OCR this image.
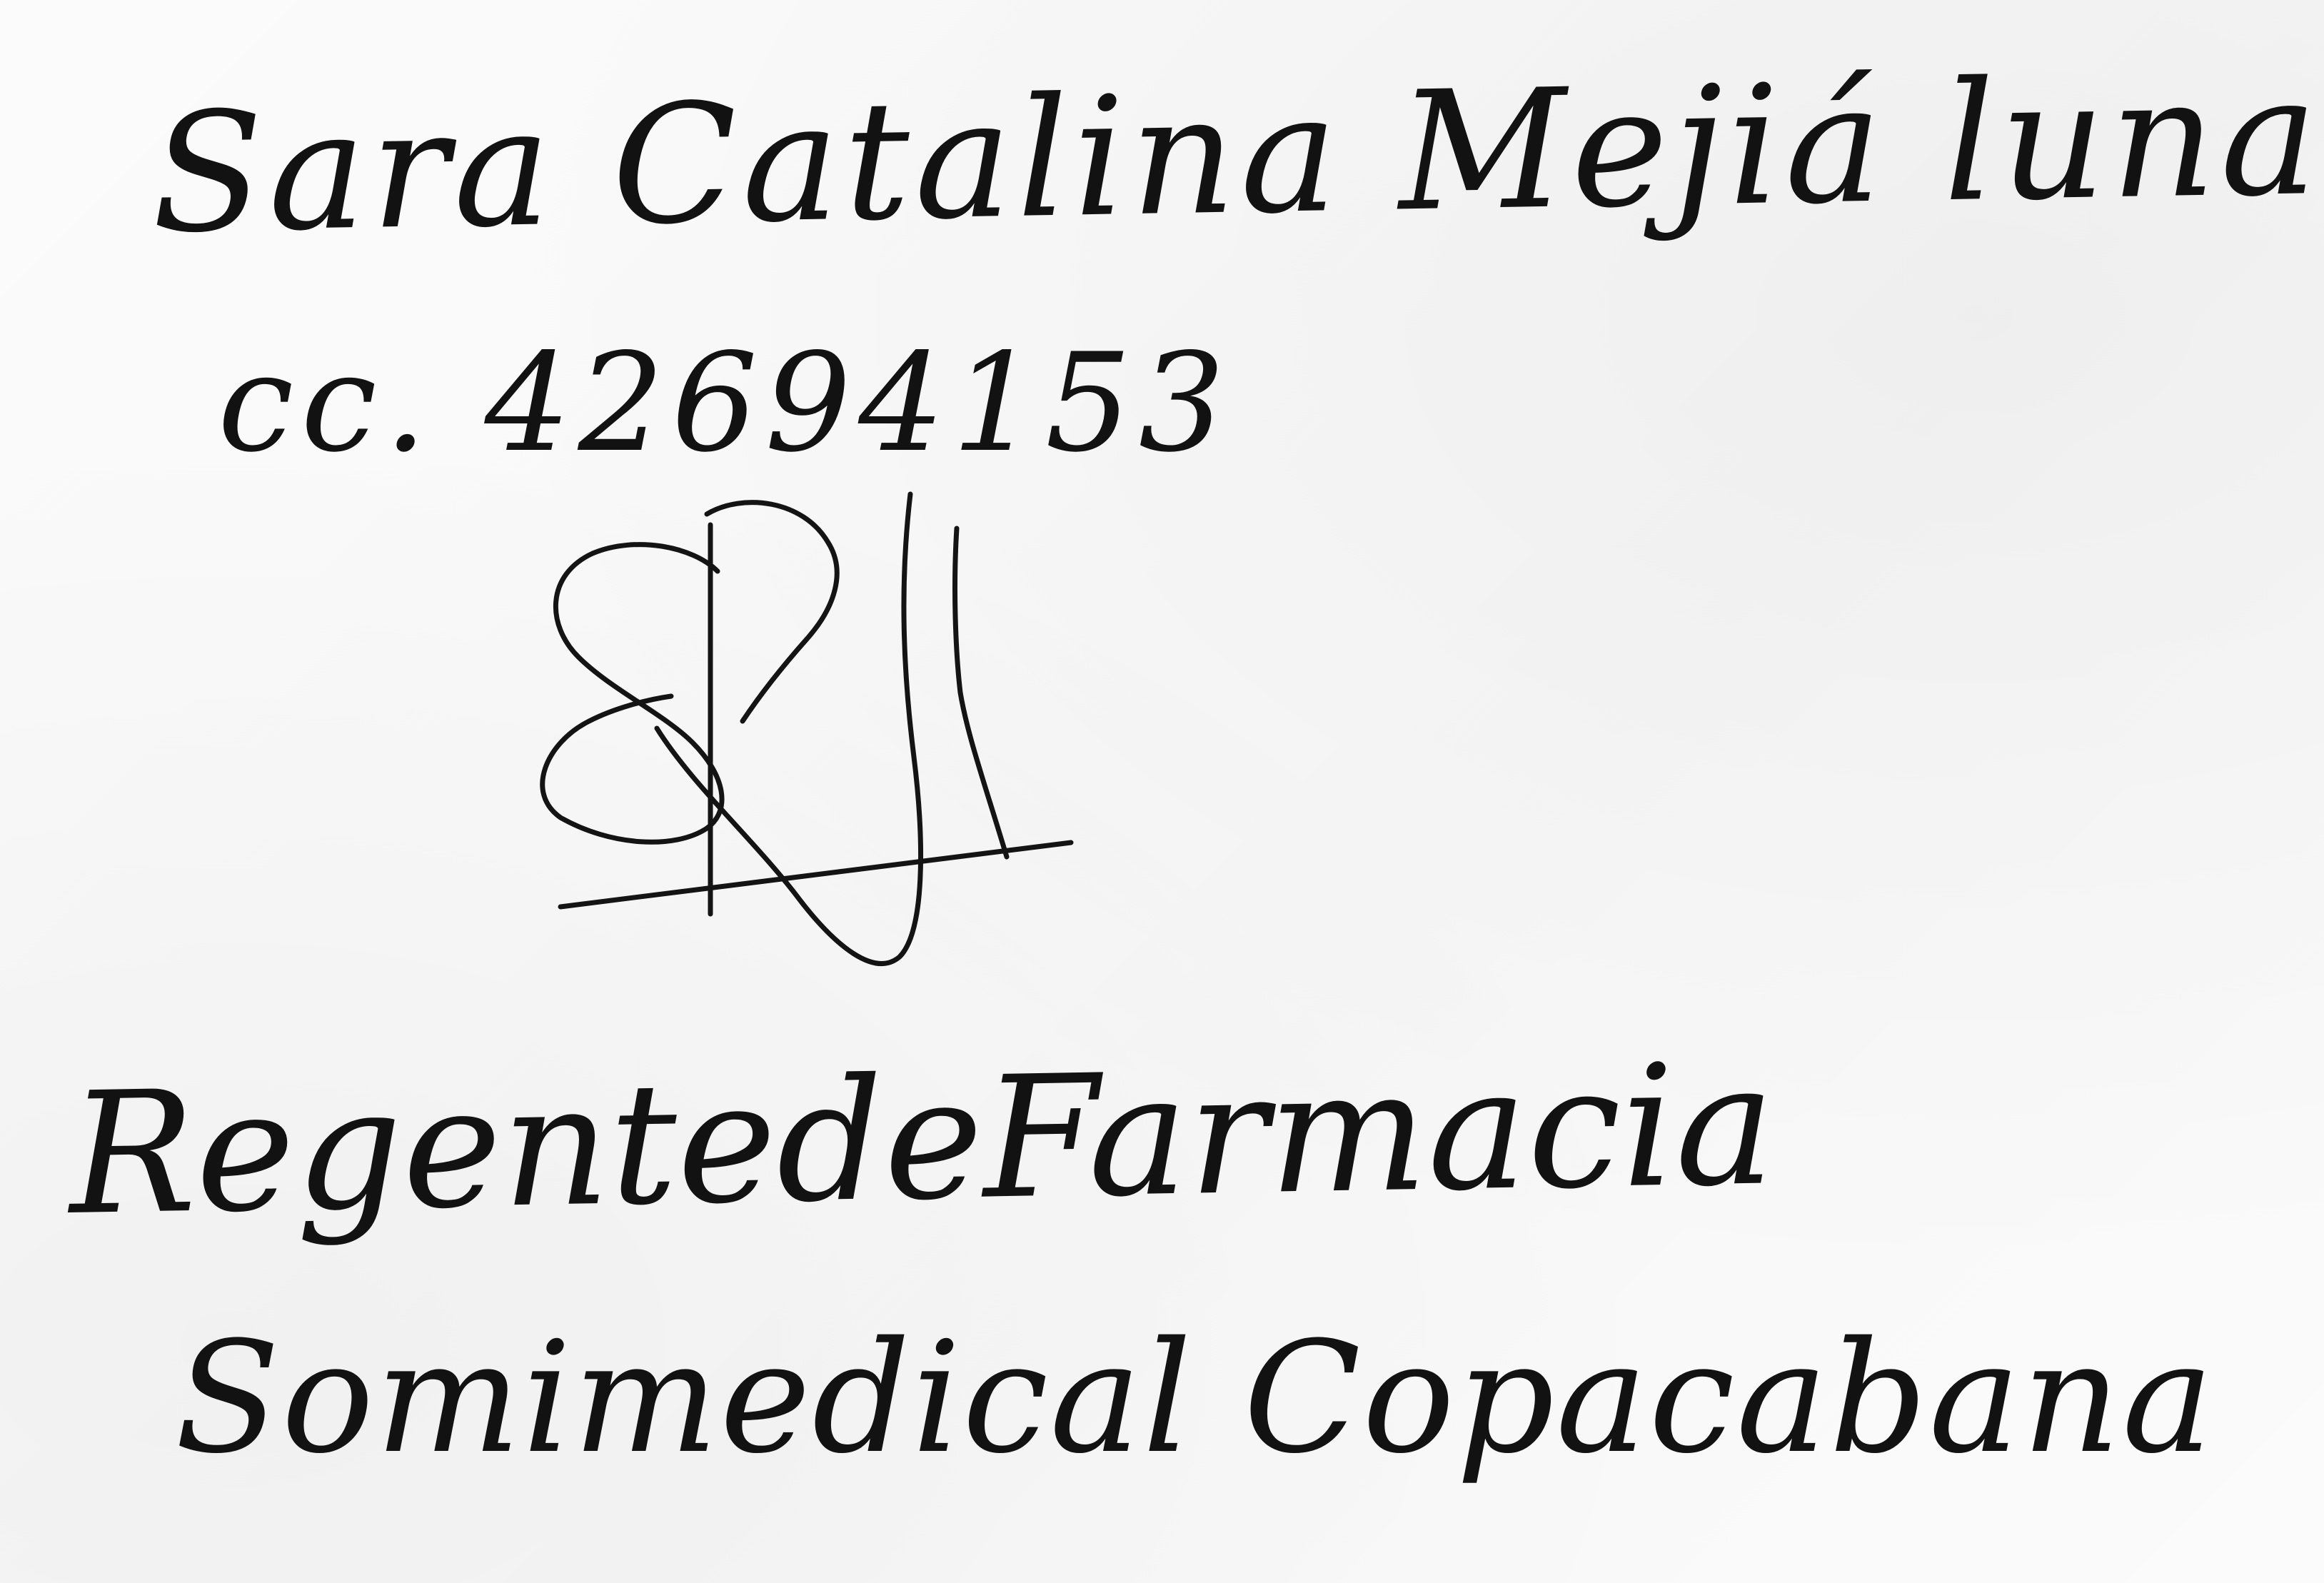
Sara Catalina Mejiá luna
cc. 42694153
RegentedeFarmacia
Somimedical Copacabana
